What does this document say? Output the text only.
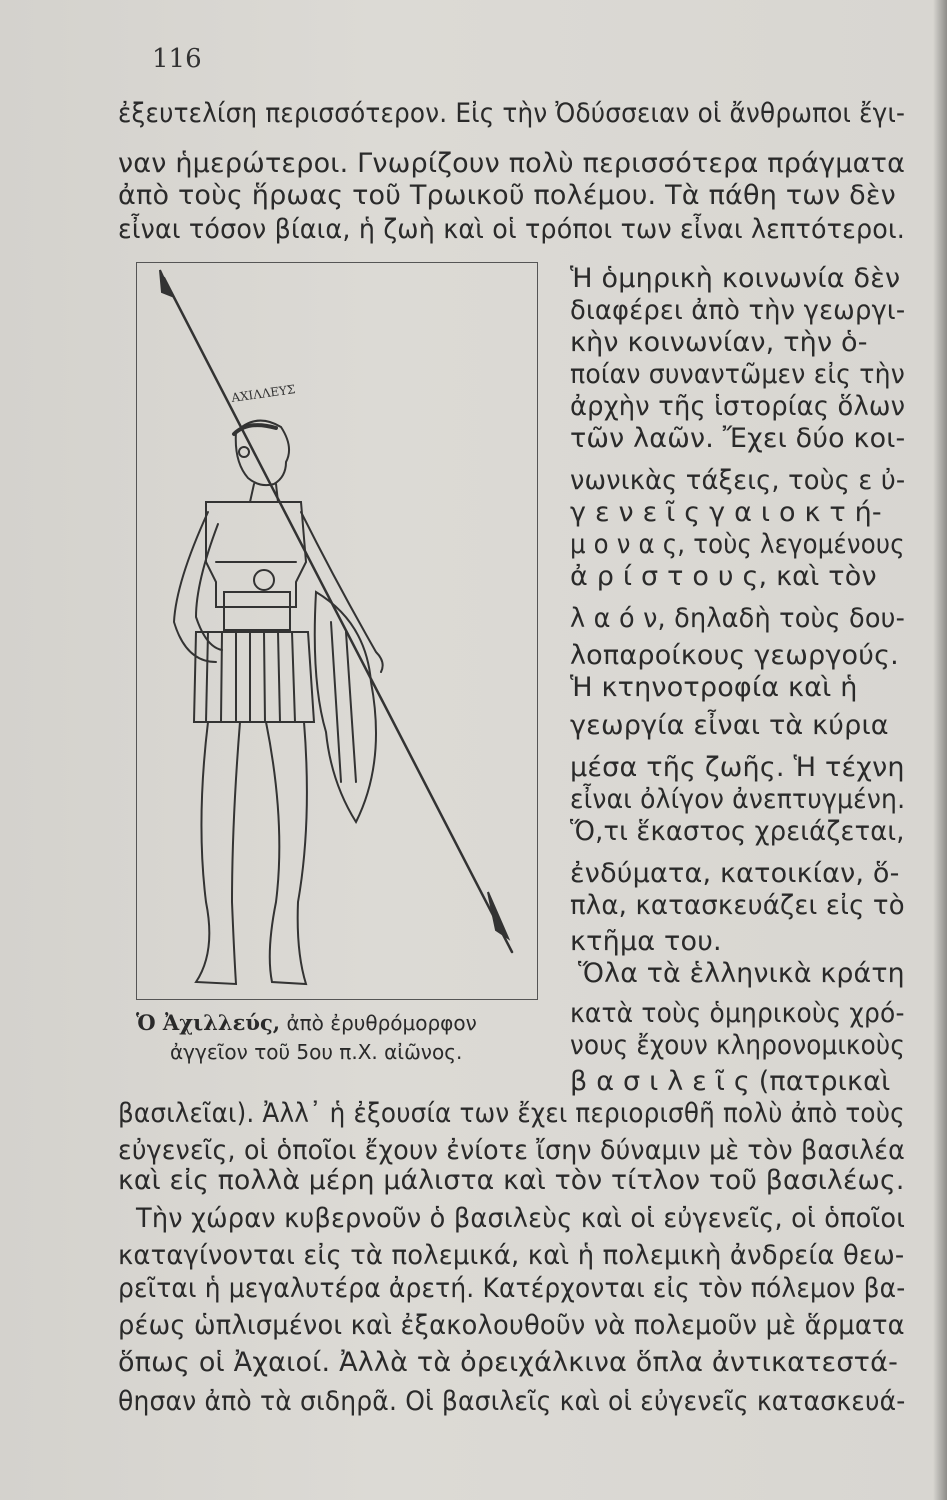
116
ἐξευτελίση περισσότερον. Εἰς τὴν Ὀδύσσειαν οἱ ἄνθρωποι ἔγι-
ναν ἡμερώτεροι. Γνωρίζουν πολὺ περισσότερα πράγματα
ἀπὸ τοὺς ἥρωας τοῦ Τρωικοῦ πολέμου. Τὰ πάθη των δὲν
εἶναι τόσον βίαια, ἡ ζωὴ καὶ οἱ τρόποι των εἶναι λεπτότεροι.
ΑΧΙΛΛΕΥΣ
Ὁ Ἀχιλλεύς, ἀπὸ ἐρυθρόμορφον
ἀγγεῖον τοῦ 5ου π.Χ. αἰῶνος.
Ἡ ὁμηρικὴ κοινωνία δὲν
διαφέρει ἀπὸ τὴν γεωργι-
κὴν κοινωνίαν, τὴν ὁ-
ποίαν συναντῶμεν εἰς τὴν
ἀρχὴν τῆς ἱστορίας ὅλων
τῶν λαῶν. Ἔχει δύο κοι-
νωνικὰς τάξεις, τοὺς ε ὐ-
γ ε ν ε ῖ ς γ α ι ο κ τ ή-
μ ο ν α ς, τοὺς λεγομένους
ἀ ρ ί σ τ ο υ ς, καὶ τὸν
λ α ό ν, δηλαδὴ τοὺς δου-
λοπαροίκους γεωργούς.
Ἡ κτηνοτροφία καὶ ἡ
γεωργία εἶναι τὰ κύρια
μέσα τῆς ζωῆς. Ἡ τέχνη
εἶναι ὀλίγον ἀνεπτυγμένη.
Ὅ,τι ἕκαστος χρειάζεται,
ἐνδύματα, κατοικίαν, ὅ-
πλα, κατασκευάζει εἰς τὸ
κτῆμα του.
Ὅλα τὰ ἑλληνικὰ κράτη
κατὰ τοὺς ὁμηρικοὺς χρό-
νους ἔχουν κληρονομικοὺς
β α σ ι λ ε ῖ ς (πατρικαὶ
βασιλεῖαι). Ἀλλ᾿ ἡ ἐξουσία των ἔχει περιορισθῆ πολὺ ἀπὸ τοὺς
εὐγενεῖς, οἱ ὁποῖοι ἔχουν ἐνίοτε ἴσην δύναμιν μὲ τὸν βασιλέα
καὶ εἰς πολλὰ μέρη μάλιστα καὶ τὸν τίτλον τοῦ βασιλέως.
Τὴν χώραν κυβερνοῦν ὁ βασιλεὺς καὶ οἱ εὐγενεῖς, οἱ ὁποῖοι
καταγίνονται εἰς τὰ πολεμικά, καὶ ἡ πολεμικὴ ἀνδρεία θεω-
ρεῖται ἡ μεγαλυτέρα ἀρετή. Κατέρχονται εἰς τὸν πόλεμον βα-
ρέως ὡπλισμένοι καὶ ἐξακολουθοῦν νὰ πολεμοῦν μὲ ἅρματα
ὅπως οἱ Ἀχαιοί. Ἀλλὰ τὰ ὀρειχάλκινα ὅπλα ἀντικατεστά-
θησαν ἀπὸ τὰ σιδηρᾶ. Οἱ βασιλεῖς καὶ οἱ εὐγενεῖς κατασκευά-
